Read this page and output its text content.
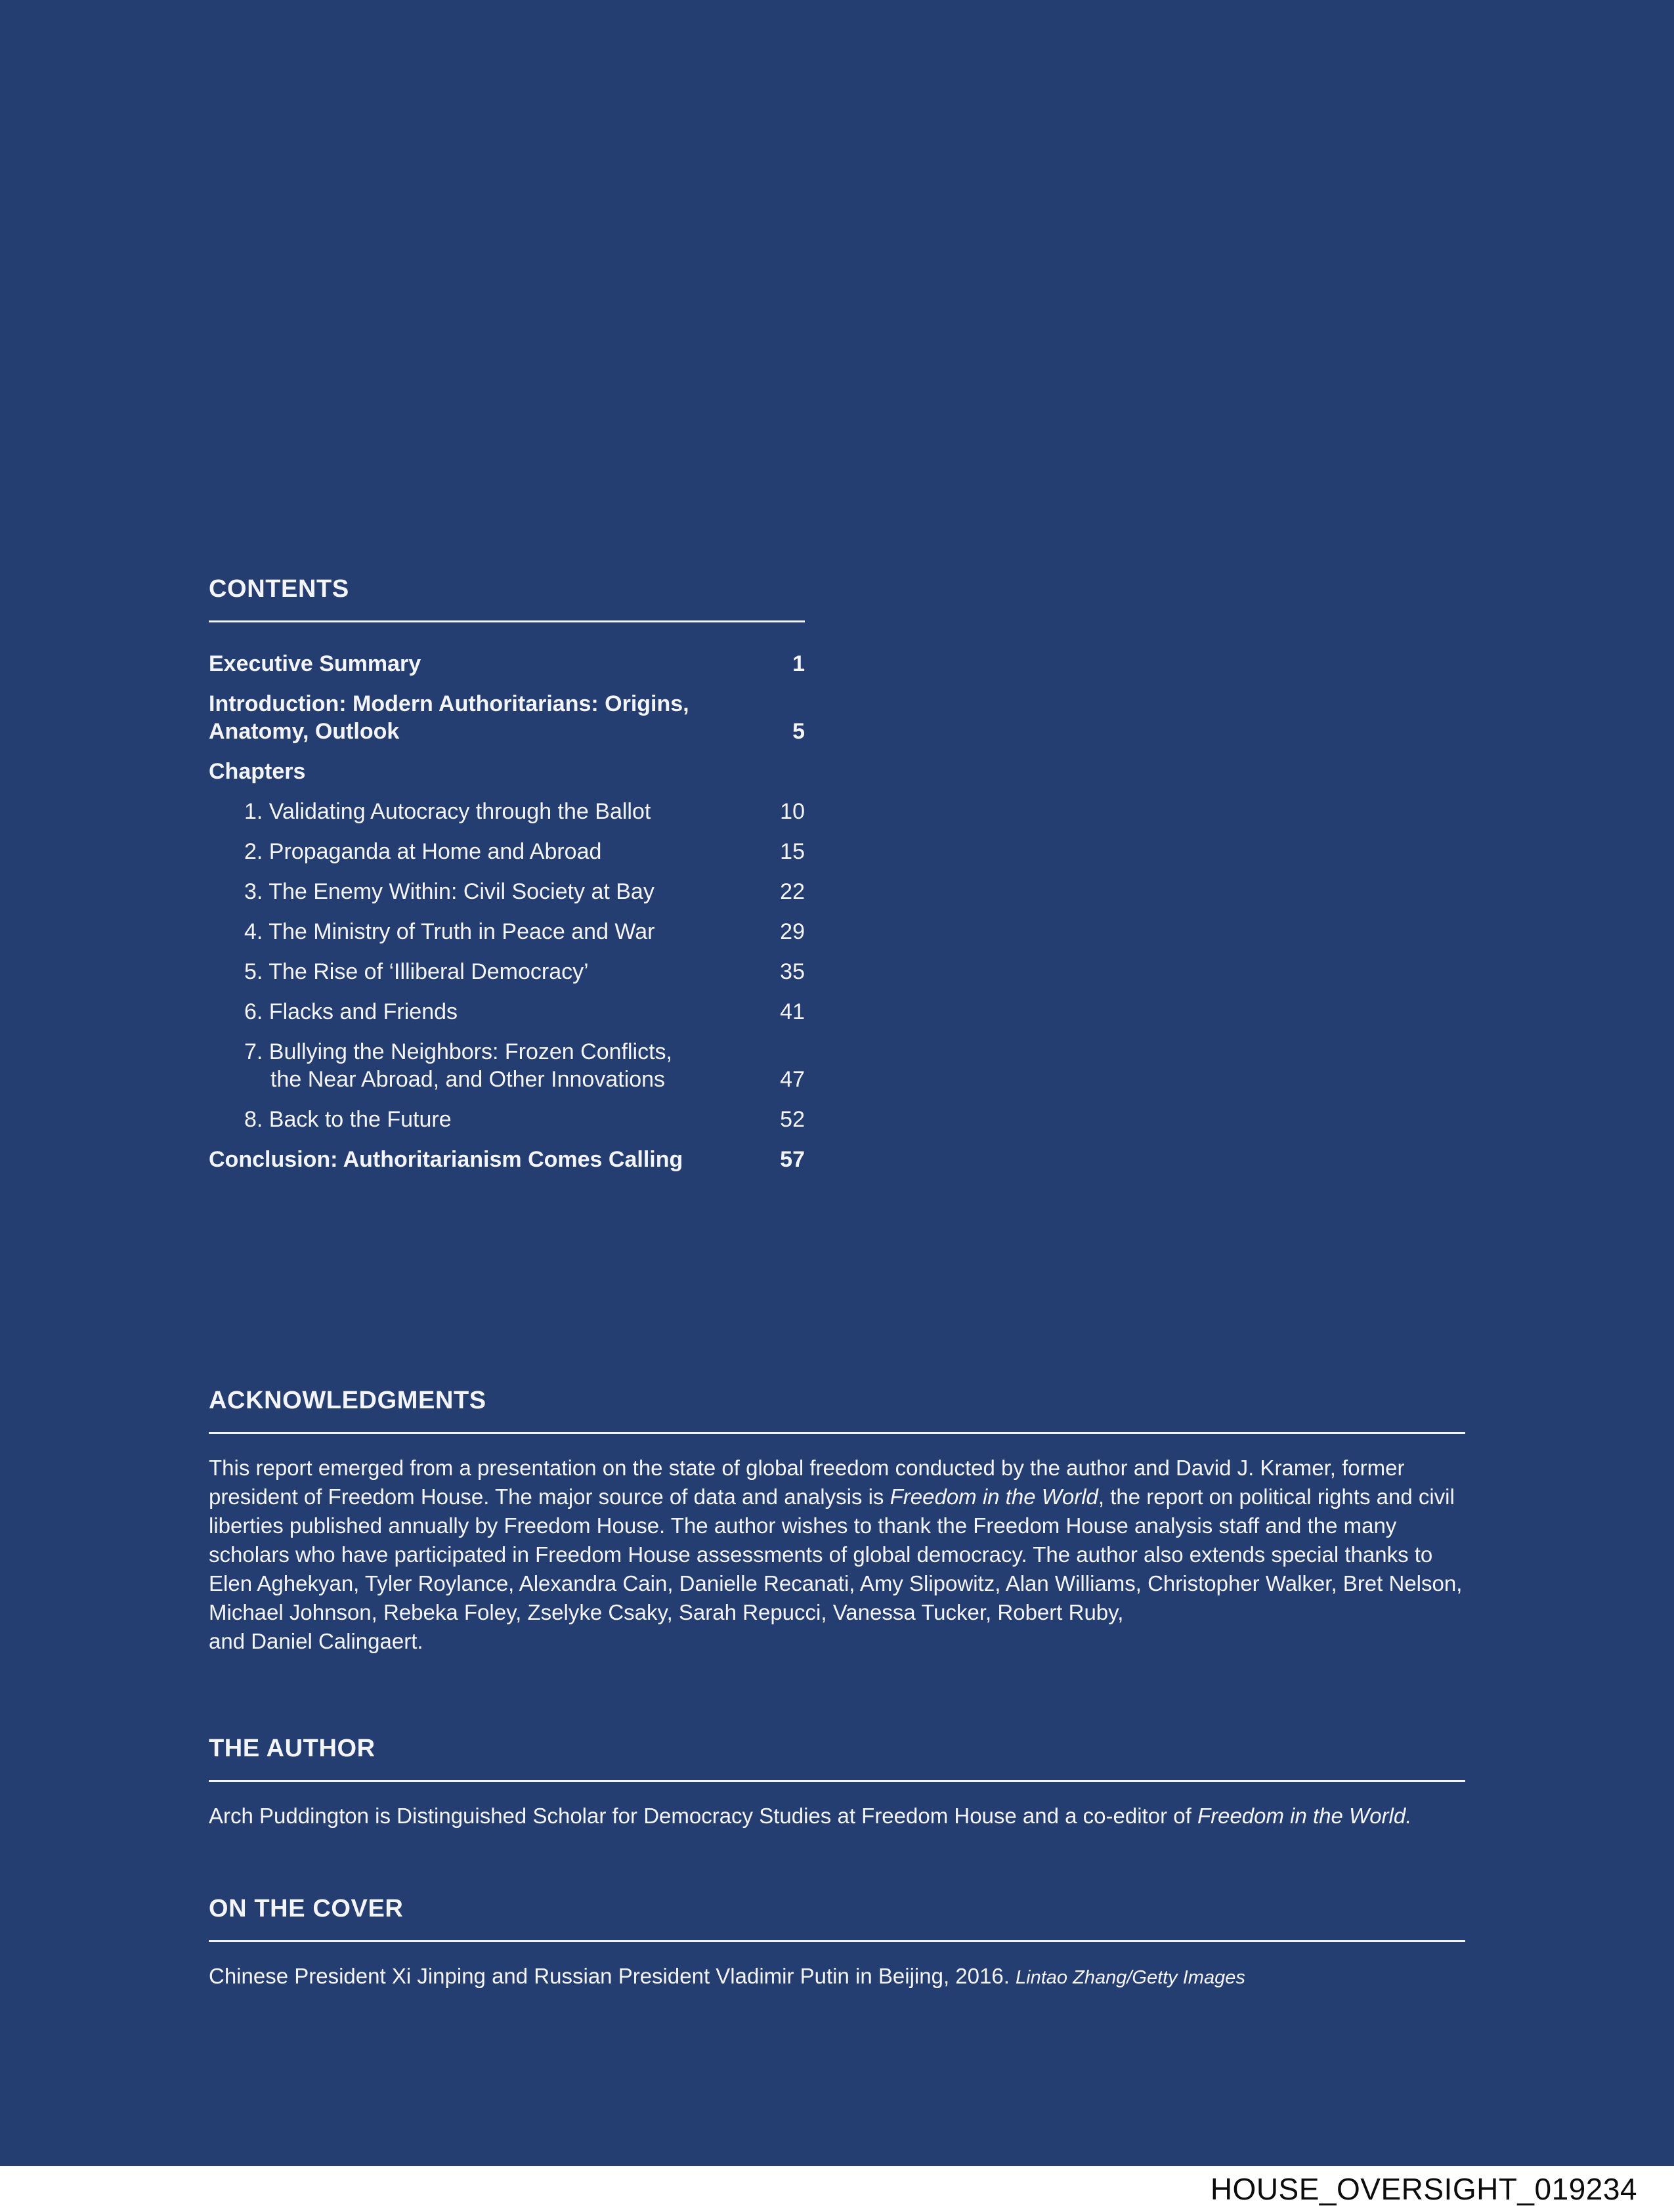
CONTENTS
Executive Summary	1
Introduction: Modern Authoritarians: Origins,
Anatomy, Outlook	5
Chapters
1. Validating Autocracy through the Ballot	10
2. Propaganda at Home and Abroad	15
3. The Enemy Within: Civil Society at Bay	22
4. The Ministry of Truth in Peace and War	29
5. The Rise of ‘Illiberal Democracy’	35
6. Flacks and Friends	41
7. Bullying the Neighbors: Frozen Conflicts,
the Near Abroad, and Other Innovations	47
8. Back to the Future	52
Conclusion: Authoritarianism Comes Calling	57
ACKNOWLEDGMENTS
This report emerged from a presentation on the state of global freedom conducted by the author and David J. Kramer, former president of Freedom House. The major source of data and analysis is Freedom in the World, the report on political rights and civil liberties published annually by Freedom House. The author wishes to thank the Freedom House analysis staff and the many scholars who have participated in Freedom House assessments of global democracy. The author also extends special thanks to Elen Aghekyan, Tyler Roylance, Alexandra Cain, Danielle Recanati, Amy Slipowitz, Alan Williams, Christopher Walker, Bret Nelson, Michael Johnson, Rebeka Foley, Zselyke Csaky, Sarah Repucci, Vanessa Tucker, Robert Ruby,
and Daniel Calingaert.
THE AUTHOR
Arch Puddington is Distinguished Scholar for Democracy Studies at Freedom House and a co-editor of Freedom in the World.
ON THE COVER
Chinese President Xi Jinping and Russian President Vladimir Putin in Beijing, 2016. Lintao Zhang/Getty Images
HOUSE_OVERSIGHT_019234
